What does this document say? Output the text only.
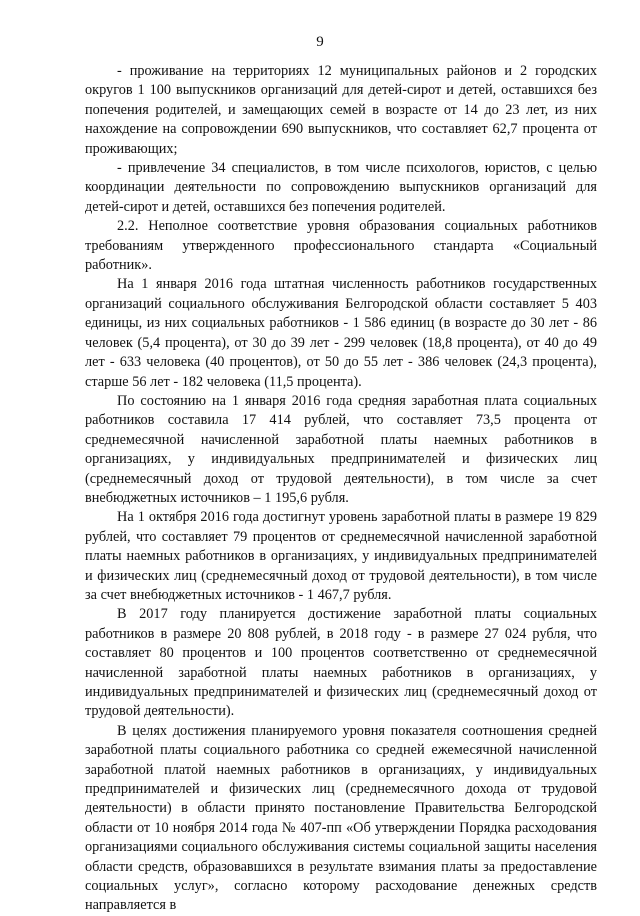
9

- проживание на территориях 12 муниципальных районов и 2 городских округов 1 100 выпускников организаций для детей-сирот и детей, оставшихся без попечения родителей, и замещающих семей в возрасте от 14 до 23 лет, из них нахождение на сопровождении 690 выпускников, что составляет 62,7 процента от проживающих;

- привлечение 34 специалистов, в том числе психологов, юристов, с целью координации деятельности по сопровождению выпускников организаций для детей-сирот и детей, оставшихся без попечения родителей.

2.2. Неполное соответствие уровня образования социальных работников требованиям утвержденного профессионального стандарта «Социальный работник».

На 1 января 2016 года штатная численность работников государственных организаций социального обслуживания Белгородской области составляет 5 403 единицы, из них социальных работников - 1 586 единиц (в возрасте до 30 лет - 86 человек (5,4 процента), от 30 до 39 лет - 299 человек (18,8 процента), от 40 до 49 лет - 633 человека (40 процентов), от 50 до 55 лет - 386 человек (24,3 процента), старше 56 лет - 182 человека (11,5 процента).

По состоянию на 1 января 2016 года средняя заработная плата социальных работников составила 17 414 рублей, что составляет 73,5 процента от среднемесячной начисленной заработной платы наемных работников в организациях, у индивидуальных предпринимателей и физических лиц (среднемесячный доход от трудовой деятельности), в том числе за счет внебюджетных источников – 1 195,6 рубля.

На 1 октября 2016 года достигнут уровень заработной платы в размере 19 829 рублей, что составляет 79 процентов от среднемесячной начисленной заработной платы наемных работников в организациях, у индивидуальных предпринимателей и физических лиц (среднемесячный доход от трудовой деятельности), в том числе за счет внебюджетных источников - 1 467,7 рубля.

В 2017 году планируется достижение заработной платы социальных работников в размере 20 808 рублей, в 2018 году - в размере 27 024 рубля, что составляет 80 процентов и 100 процентов соответственно от среднемесячной начисленной заработной платы наемных работников в организациях, у индивидуальных предпринимателей и физических лиц (среднемесячный доход от трудовой деятельности).

В целях достижения планируемого уровня показателя соотношения средней заработной платы социального работника со средней ежемесячной начисленной заработной платой наемных работников в организациях, у индивидуальных предпринимателей и физических лиц (среднемесячного дохода от трудовой деятельности) в области принято постановление Правительства Белгородской области от 10 ноября 2014 года № 407-пп «Об утверждении Порядка расходования организациями социального обслуживания системы социальной защиты населения области средств, образовавшихся в результате взимания платы за предоставление социальных услуг», согласно которому расходование денежных средств направляется в
